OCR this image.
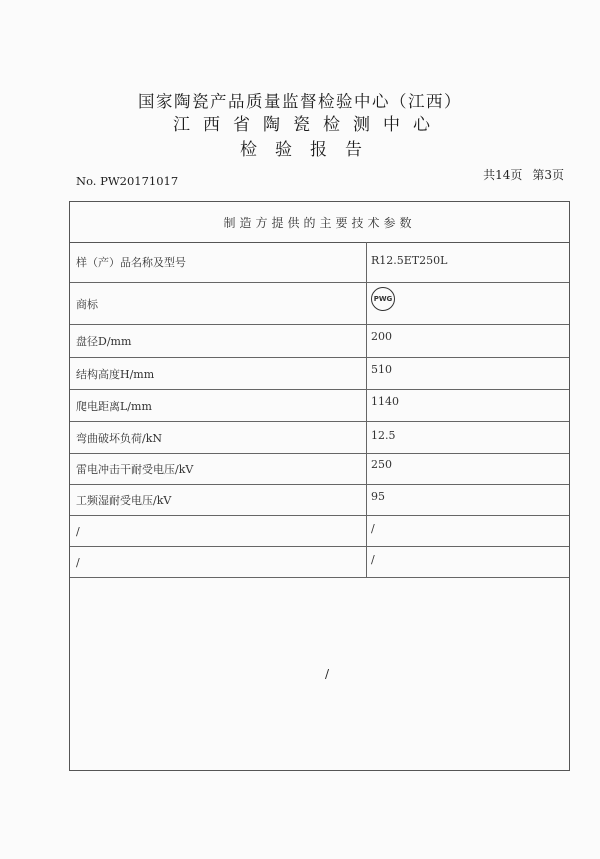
国家陶瓷产品质量监督检验中心（江西）
江西省陶瓷检测中心
检验报告
No. PW20171017	共14页 第3页
制造方提供的主要技术参数
样（产）品名称及型号	R12.5ET250L
商标	PWG
盘径D/mm	200
结构高度H/mm	510
爬电距离L/mm	1140
弯曲破坏负荷/kN	12.5
雷电冲击干耐受电压/kV	250
工频湿耐受电压/kV	95
/	/
/	/
/
